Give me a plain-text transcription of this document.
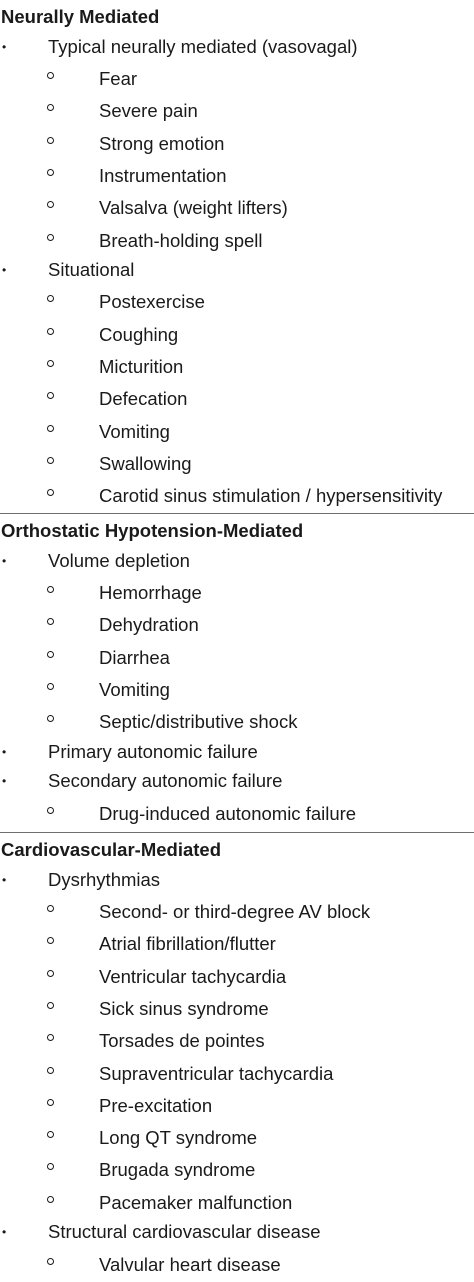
Neurally Mediated
• Typical neurally mediated (vasovagal)
Fear
Severe pain
Strong emotion
Instrumentation
Valsalva (weight lifters)
Breath-holding spell
• Situational
Postexercise
Coughing
Micturition
Defecation
Vomiting
Swallowing
Carotid sinus stimulation / hypersensitivity
Orthostatic Hypotension-Mediated
• Volume depletion
Hemorrhage
Dehydration
Diarrhea
Vomiting
Septic/distributive shock
• Primary autonomic failure
• Secondary autonomic failure
Drug-induced autonomic failure
Cardiovascular-Mediated
• Dysrhythmias
Second- or third-degree AV block
Atrial fibrillation/flutter
Ventricular tachycardia
Sick sinus syndrome
Torsades de pointes
Supraventricular tachycardia
Pre-excitation
Long QT syndrome
Brugada syndrome
Pacemaker malfunction
• Structural cardiovascular disease
Valvular heart disease
